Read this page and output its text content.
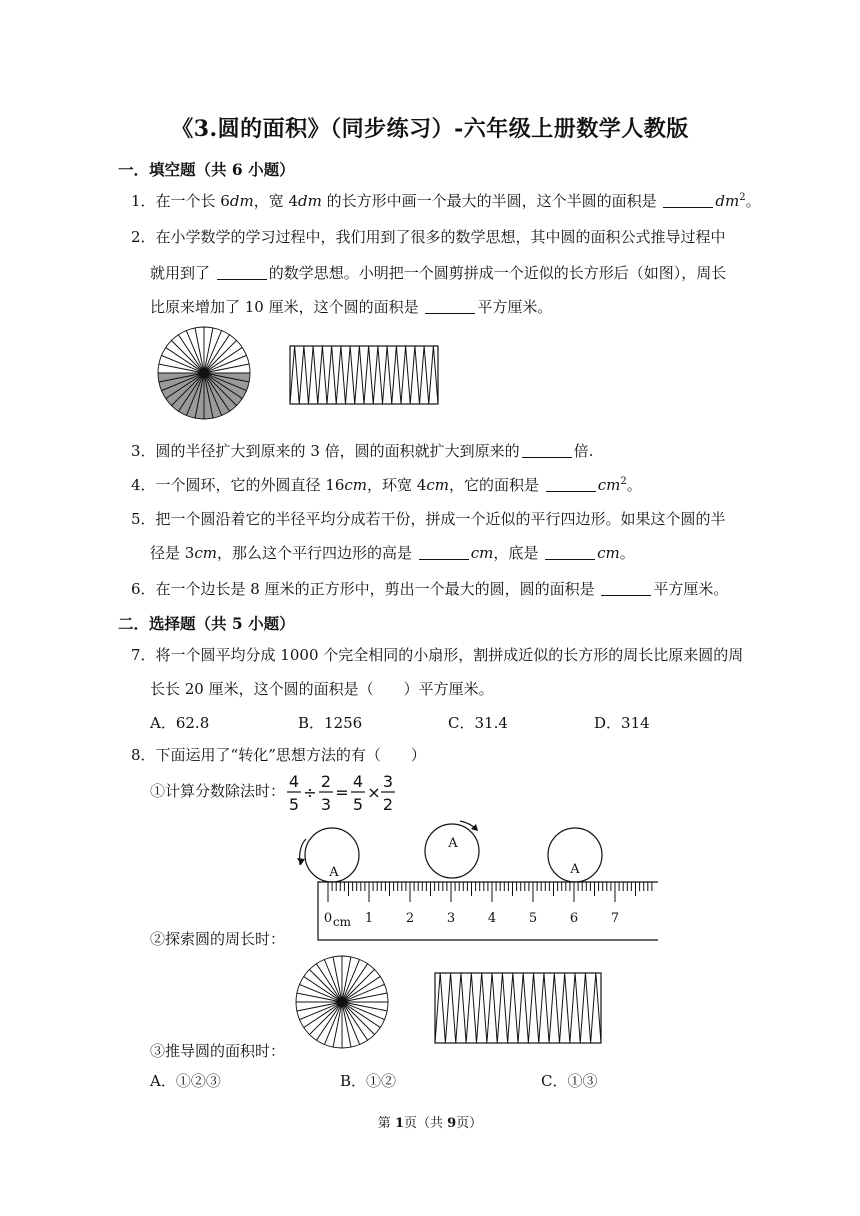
《3.圆的面积》（同步练习）-六年级上册数学人教版
一．填空题（共 6 小题）
1．在一个长 6dm，宽 4dm 的长方形中画一个最大的半圆，这个半圆的面积是	$dm^2$。
2．在小学数学的学习过程中，我们用到了很多的数学思想，其中圆的面积公式推导过程中
就用到了	的数学思想。小明把一个圆剪拼成一个近似的长方形后（如图），周长
比原来增加了 10 厘米，这个圆的面积是	平方厘米。
3．圆的半径扩大到原来的 3 倍，圆的面积就扩大到原来的	倍.
4．一个圆环，它的外圆直径 16cm，环宽 4cm，它的面积是	$cm^2$。
5．把一个圆沿着它的半径平均分成若干份，拼成一个近似的平行四边形。如果这个圆的半
径是 3cm，那么这个平行四边形的高是	cm，底是	cm。
6．在一个边长是 8 厘米的正方形中，剪出一个最大的圆，圆的面积是	平方厘米。
二．选择题（共 5 小题）
7．将一个圆平均分成 1000 个完全相同的小扇形，割拼成近似的长方形的周长比原来圆的周
长长 20 厘米，这个圆的面积是（　　）平方厘米。
A．62.8	B．1256	C．31.4	D．314
8．下面运用了“转化”思想方法的有（　　）
①计算分数除法时： 4
5
÷
2
3
=
4
5
×
3
2
A
A
A
0	1	2	3	4	5	6	7
cm
②探索圆的周长时：
③推导圆的面积时：
A．①②③	B．①②	C．①③
第 1页（共 9页）
